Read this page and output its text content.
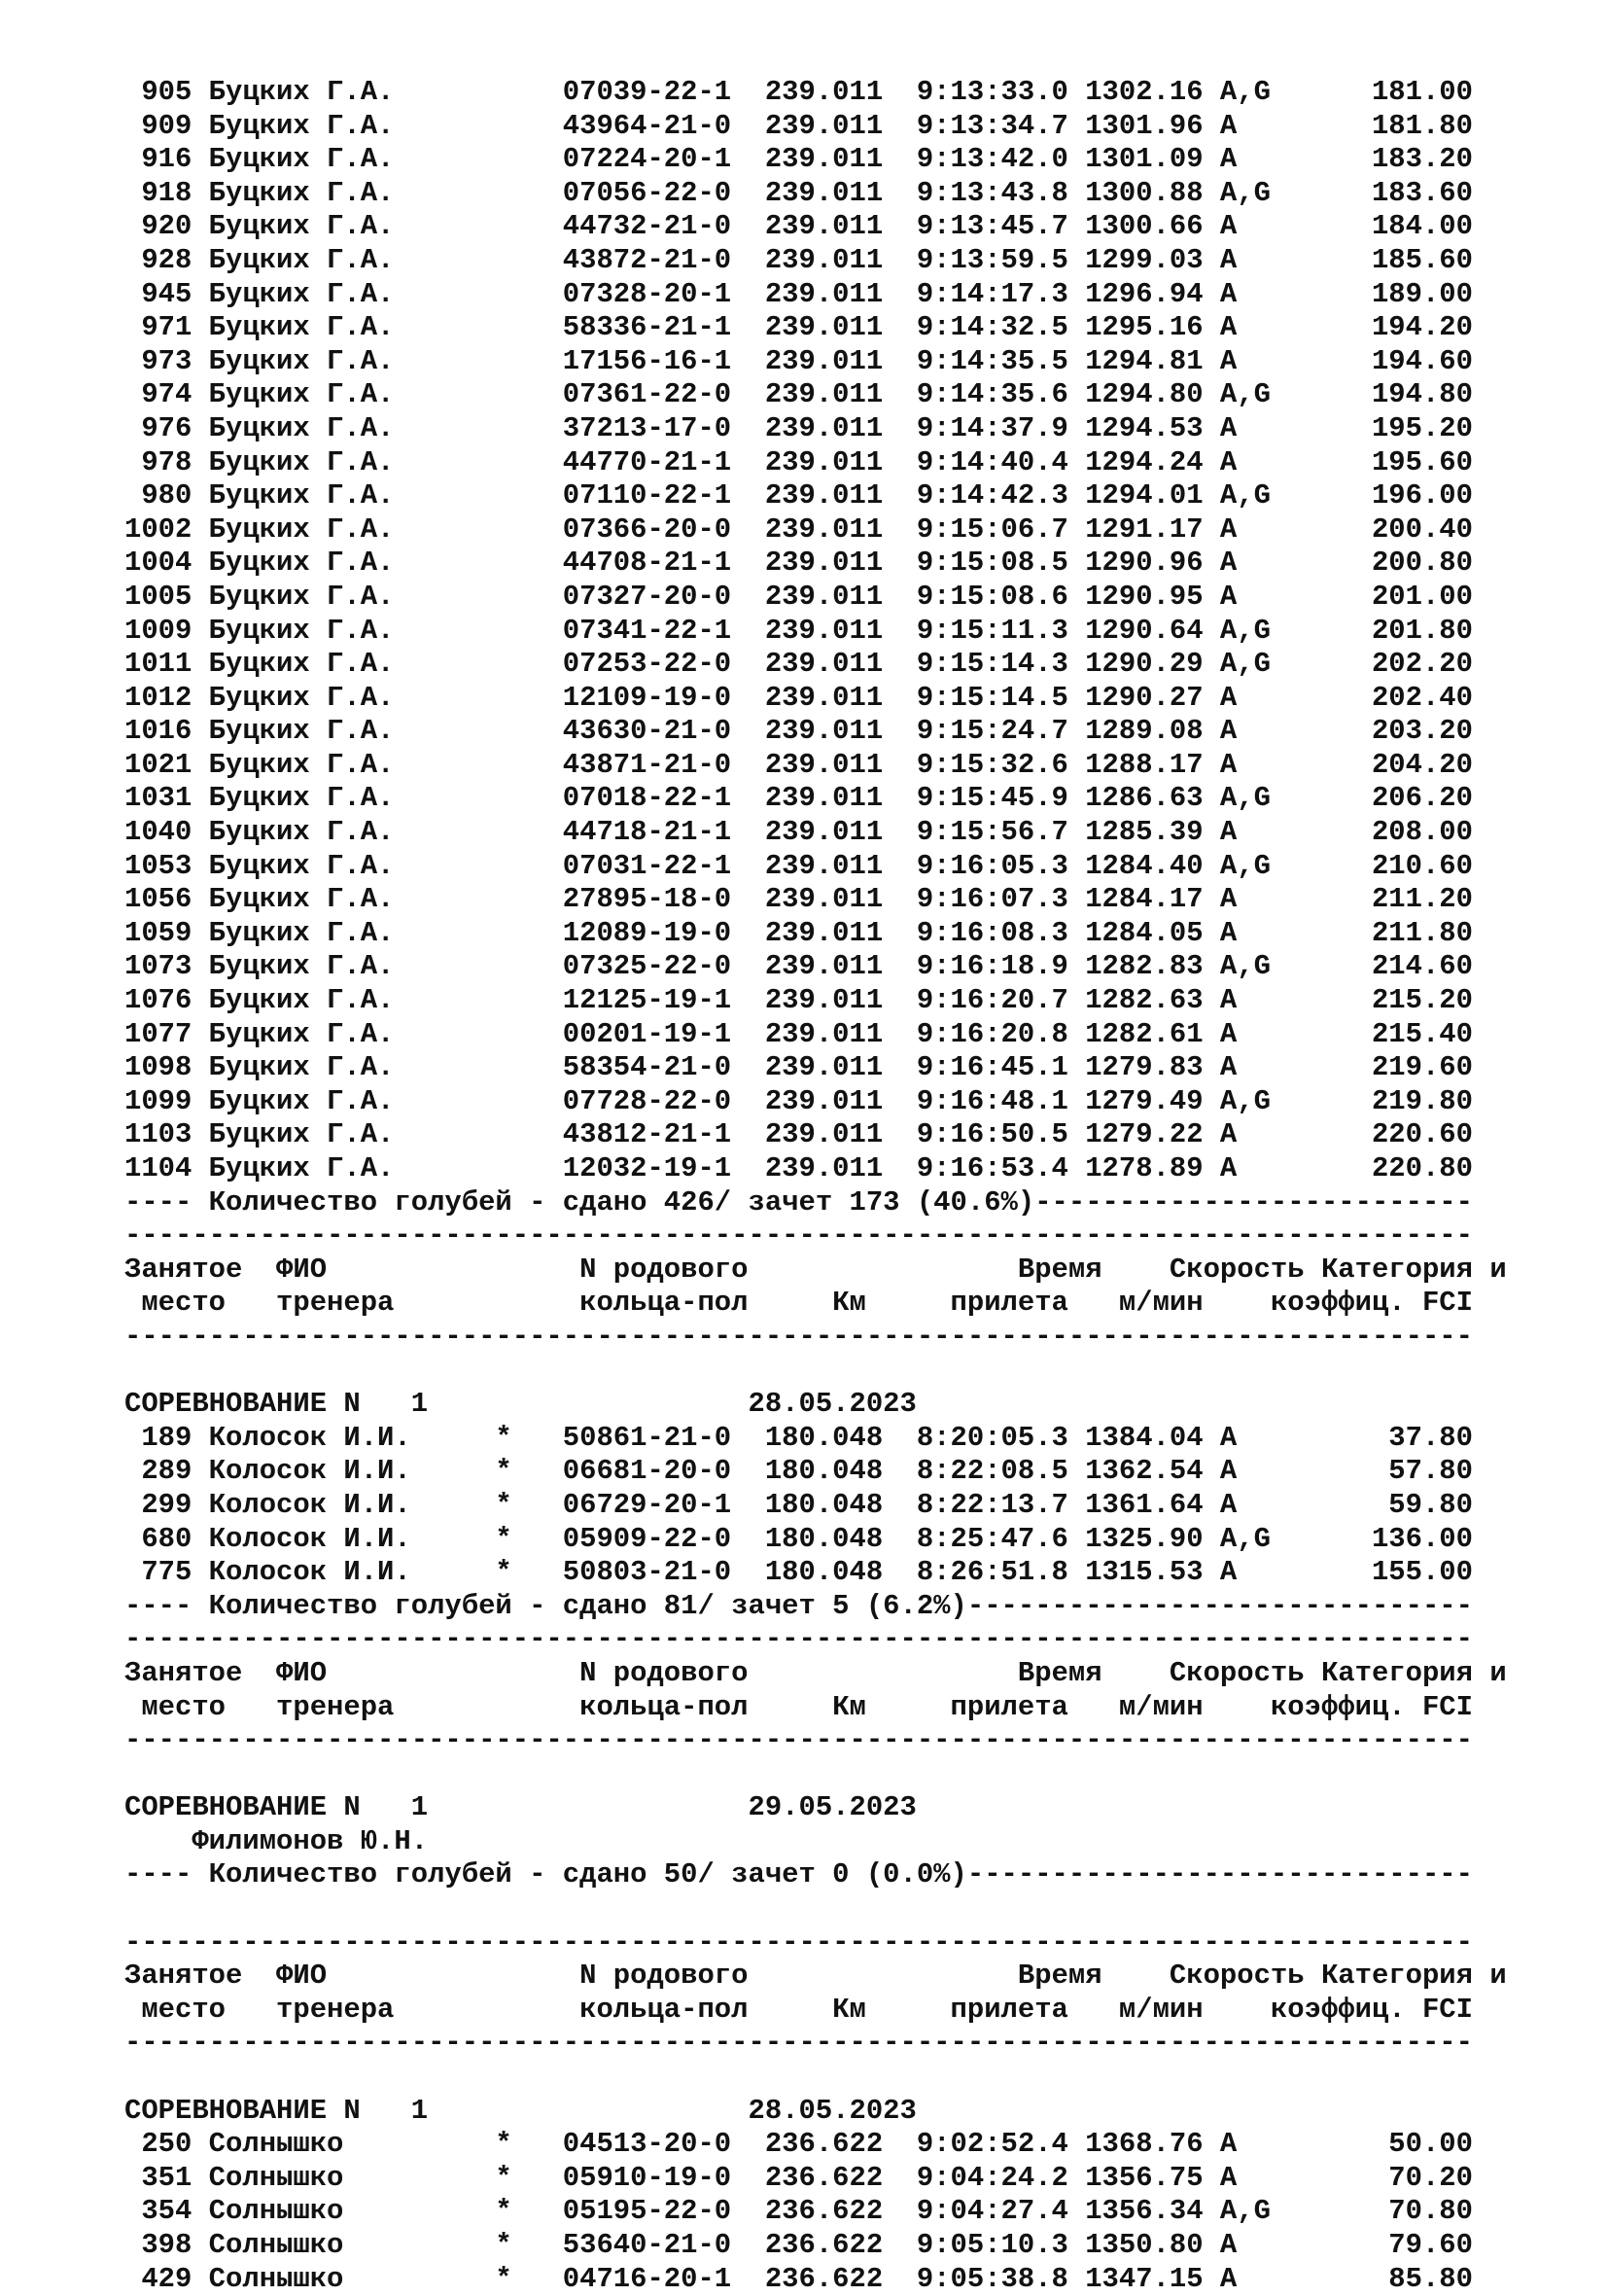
905 Буцких Г.А.          07039-22-1  239.011  9:13:33.0 1302.16 A,G      181.00
909 Буцких Г.А.          43964-21-0  239.011  9:13:34.7 1301.96 A        181.80
916 Буцких Г.А.          07224-20-1  239.011  9:13:42.0 1301.09 A        183.20
918 Буцких Г.А.          07056-22-0  239.011  9:13:43.8 1300.88 A,G      183.60
920 Буцких Г.А.          44732-21-0  239.011  9:13:45.7 1300.66 A        184.00
928 Буцких Г.А.          43872-21-0  239.011  9:13:59.5 1299.03 A        185.60
945 Буцких Г.А.          07328-20-1  239.011  9:14:17.3 1296.94 A        189.00
971 Буцких Г.А.          58336-21-1  239.011  9:14:32.5 1295.16 A        194.20
973 Буцких Г.А.          17156-16-1  239.011  9:14:35.5 1294.81 A        194.60
974 Буцких Г.А.          07361-22-0  239.011  9:14:35.6 1294.80 A,G      194.80
976 Буцких Г.А.          37213-17-0  239.011  9:14:37.9 1294.53 A        195.20
978 Буцких Г.А.          44770-21-1  239.011  9:14:40.4 1294.24 A        195.60
980 Буцких Г.А.          07110-22-1  239.011  9:14:42.3 1294.01 A,G      196.00
1002 Буцких Г.А.          07366-20-0  239.011  9:15:06.7 1291.17 A        200.40
1004 Буцких Г.А.          44708-21-1  239.011  9:15:08.5 1290.96 A        200.80
1005 Буцких Г.А.          07327-20-0  239.011  9:15:08.6 1290.95 A        201.00
1009 Буцких Г.А.          07341-22-1  239.011  9:15:11.3 1290.64 A,G      201.80
1011 Буцких Г.А.          07253-22-0  239.011  9:15:14.3 1290.29 A,G      202.20
1012 Буцких Г.А.          12109-19-0  239.011  9:15:14.5 1290.27 A        202.40
1016 Буцких Г.А.          43630-21-0  239.011  9:15:24.7 1289.08 A        203.20
1021 Буцких Г.А.          43871-21-0  239.011  9:15:32.6 1288.17 A        204.20
1031 Буцких Г.А.          07018-22-1  239.011  9:15:45.9 1286.63 A,G      206.20
1040 Буцких Г.А.          44718-21-1  239.011  9:15:56.7 1285.39 A        208.00
1053 Буцких Г.А.          07031-22-1  239.011  9:16:05.3 1284.40 A,G      210.60
1056 Буцких Г.А.          27895-18-0  239.011  9:16:07.3 1284.17 A        211.20
1059 Буцких Г.А.          12089-19-0  239.011  9:16:08.3 1284.05 A        211.80
1073 Буцких Г.А.          07325-22-0  239.011  9:16:18.9 1282.83 A,G      214.60
1076 Буцких Г.А.          12125-19-1  239.011  9:16:20.7 1282.63 A        215.20
1077 Буцких Г.А.          00201-19-1  239.011  9:16:20.8 1282.61 A        215.40
1098 Буцких Г.А.          58354-21-0  239.011  9:16:45.1 1279.83 A        219.60
1099 Буцких Г.А.          07728-22-0  239.011  9:16:48.1 1279.49 A,G      219.80
1103 Буцких Г.А.          43812-21-1  239.011  9:16:50.5 1279.22 A        220.60
1104 Буцких Г.А.          12032-19-1  239.011  9:16:53.4 1278.89 A        220.80
---- Количество голубей - сдано 426/ зачет 173 (40.6%)--------------------------
--------------------------------------------------------------------------------
Занятое  ФИО               N родового                Время    Скорость Категория и
место   тренера           кольца-пол     Км     прилета   м/мин    коэффиц. FCI
--------------------------------------------------------------------------------
СОРЕВНОВАНИЕ N   1                   28.05.2023
189 Колосок И.И.     *   50861-21-0  180.048  8:20:05.3 1384.04 A         37.80
289 Колосок И.И.     *   06681-20-0  180.048  8:22:08.5 1362.54 A         57.80
299 Колосок И.И.     *   06729-20-1  180.048  8:22:13.7 1361.64 A         59.80
680 Колосок И.И.     *   05909-22-0  180.048  8:25:47.6 1325.90 A,G      136.00
775 Колосок И.И.     *   50803-21-0  180.048  8:26:51.8 1315.53 A        155.00
---- Количество голубей - сдано 81/ зачет 5 (6.2%)------------------------------
--------------------------------------------------------------------------------
Занятое  ФИО               N родового                Время    Скорость Категория и
место   тренера           кольца-пол     Км     прилета   м/мин    коэффиц. FCI
--------------------------------------------------------------------------------
СОРЕВНОВАНИЕ N   1                   29.05.2023
Филимонов Ю.Н.
---- Количество голубей - сдано 50/ зачет 0 (0.0%)------------------------------
--------------------------------------------------------------------------------
Занятое  ФИО               N родового                Время    Скорость Категория и
место   тренера           кольца-пол     Км     прилета   м/мин    коэффиц. FCI
--------------------------------------------------------------------------------
СОРЕВНОВАНИЕ N   1                   28.05.2023
250 Солнышко         *   04513-20-0  236.622  9:02:52.4 1368.76 A         50.00
351 Солнышко         *   05910-19-0  236.622  9:04:24.2 1356.75 A         70.20
354 Солнышко         *   05195-22-0  236.622  9:04:27.4 1356.34 A,G       70.80
398 Солнышко         *   53640-21-0  236.622  9:05:10.3 1350.80 A         79.60
429 Солнышко         *   04716-20-1  236.622  9:05:38.8 1347.15 A         85.80
